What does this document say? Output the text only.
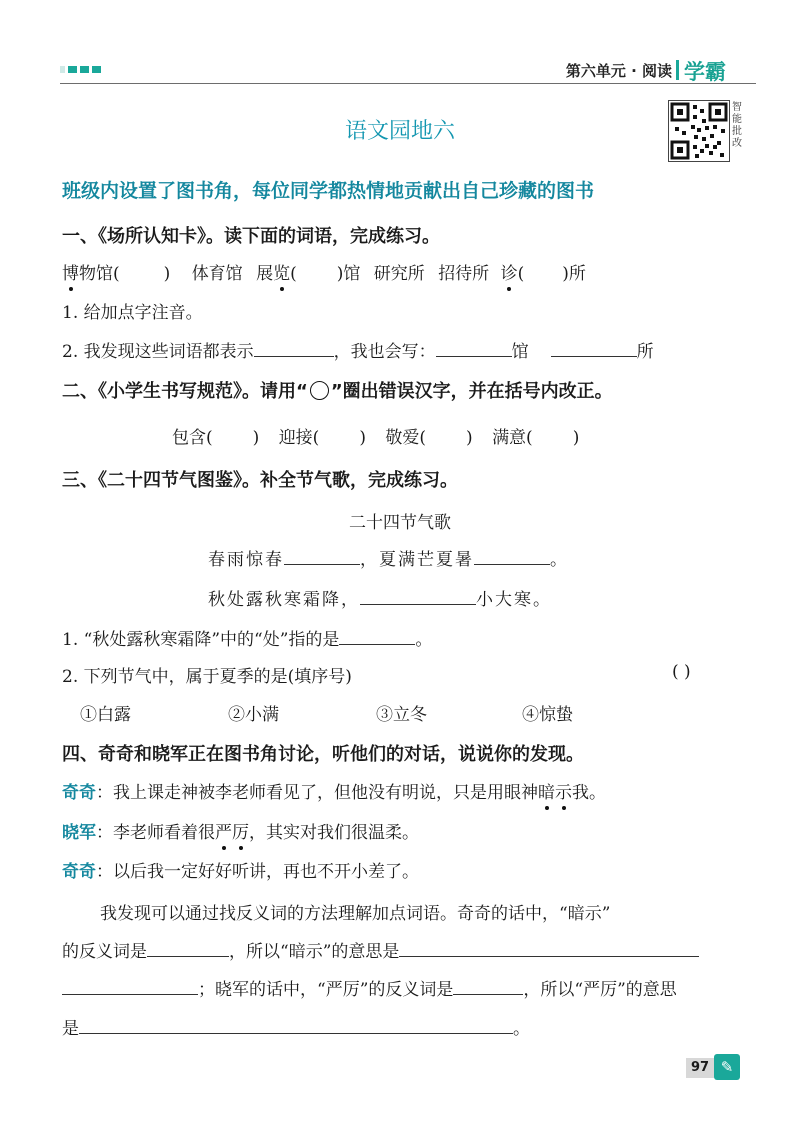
第六单元 · 阅读 学霸
语文园地六
智能批改
班级内设置了图书角，每位同学都热情地贡献出自己珍藏的图书
一、《场所认知卡》。读下面的词语，完成练习。
博物馆(	) 体育馆 展览( )馆 研究所 招待所 诊( )所
1. 给加点字注音。
2. 我发现这些词语都表示	，我也会写：	馆	所
二、《小学生书写规范》。请用“ ”圈出错误汉字，并在括号内改正。
包含( ) 迎接( ) 敬爱( ) 满意( )
三、《二十四节气图鉴》。补全节气歌，完成练习。
二十四节气歌
春雨惊春	，夏满芒夏暑	。
秋处露秋寒霜降，	小大寒。
1. “秋处露秋寒霜降”中的“处”指的是	。
2. 下列节气中，属于夏季的是(填序号)	( )
①白露	②小满	③立冬	④惊蛰
四、奇奇和晓军正在图书角讨论，听他们的对话，说说你的发现。
奇奇：我上课走神被李老师看见了，但他没有明说，只是用眼神暗示我。
晓军：李老师看着很严厉，其实对我们很温柔。
奇奇：以后我一定好好听讲，再也不开小差了。
我发现可以通过找反义词的方法理解加点词语。奇奇的话中，“暗示”
的反义词是	，所以“暗示”的意思是
；晓军的话中，“严厉”的反义词是	，所以“严厉”的意思
是	。
97 ✎
